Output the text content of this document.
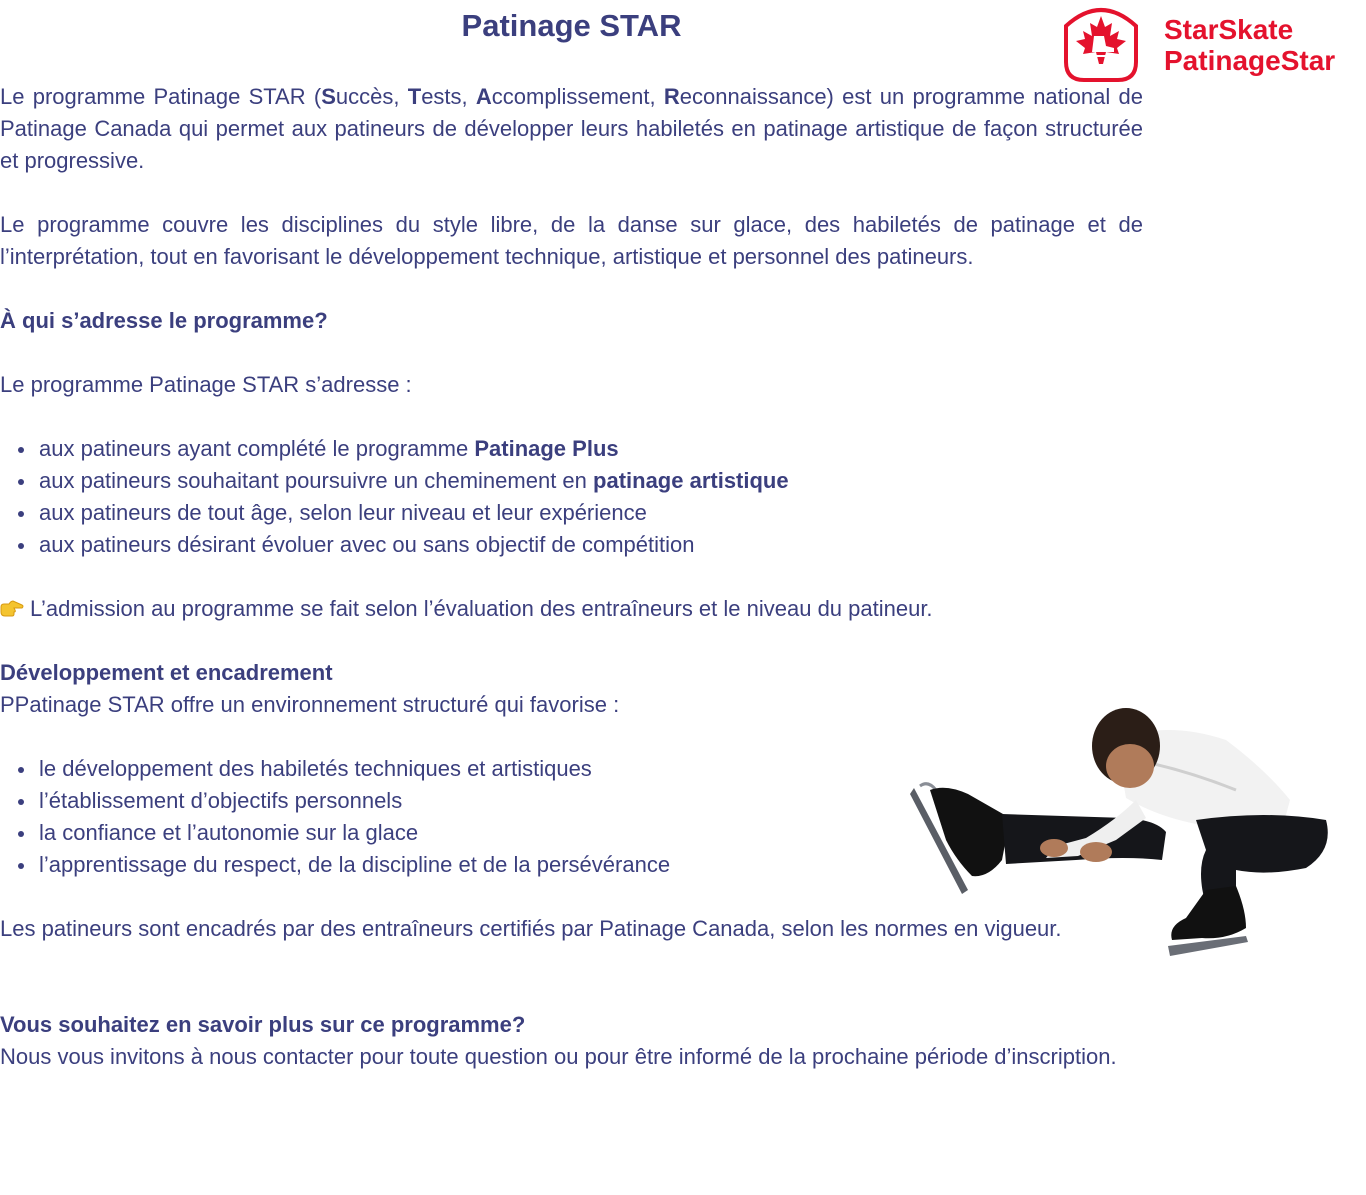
Patinage STAR	StarSkate
PatinageStar

Le programme Patinage STAR (Succès, Tests, Accomplissement, Reconnaissance) est un programme national de Patinage Canada qui permet aux patineurs de développer leurs habiletés en patinage artistique de façon structurée et progressive.

Le programme couvre les disciplines du style libre, de la danse sur glace, des habiletés de patinage et de l’interprétation, tout en favorisant le développement technique, artistique et personnel des patineurs.

À qui s’adresse le programme?

Le programme Patinage STAR s’adresse :

aux patineurs ayant complété le programme Patinage Plus
aux patineurs souhaitant poursuivre un cheminement en patinage artistique
aux patineurs de tout âge, selon leur niveau et leur expérience
aux patineurs désirant évoluer avec ou sans objectif de compétition

L’admission au programme se fait selon l’évaluation des entraîneurs et le niveau du patineur.

Développement et encadrement

PPatinage STAR offre un environnement structuré qui favorise :

le développement des habiletés techniques et artistiques
l’établissement d’objectifs personnels
la confiance et l’autonomie sur la glace
l’apprentissage du respect, de la discipline et de la persévérance

Les patineurs sont encadrés par des entraîneurs certifiés par Patinage Canada, selon les normes en vigueur.

Vous souhaitez en savoir plus sur ce programme?

Nous vous invitons à nous contacter pour toute question ou pour être informé de la prochaine période d’inscription.
